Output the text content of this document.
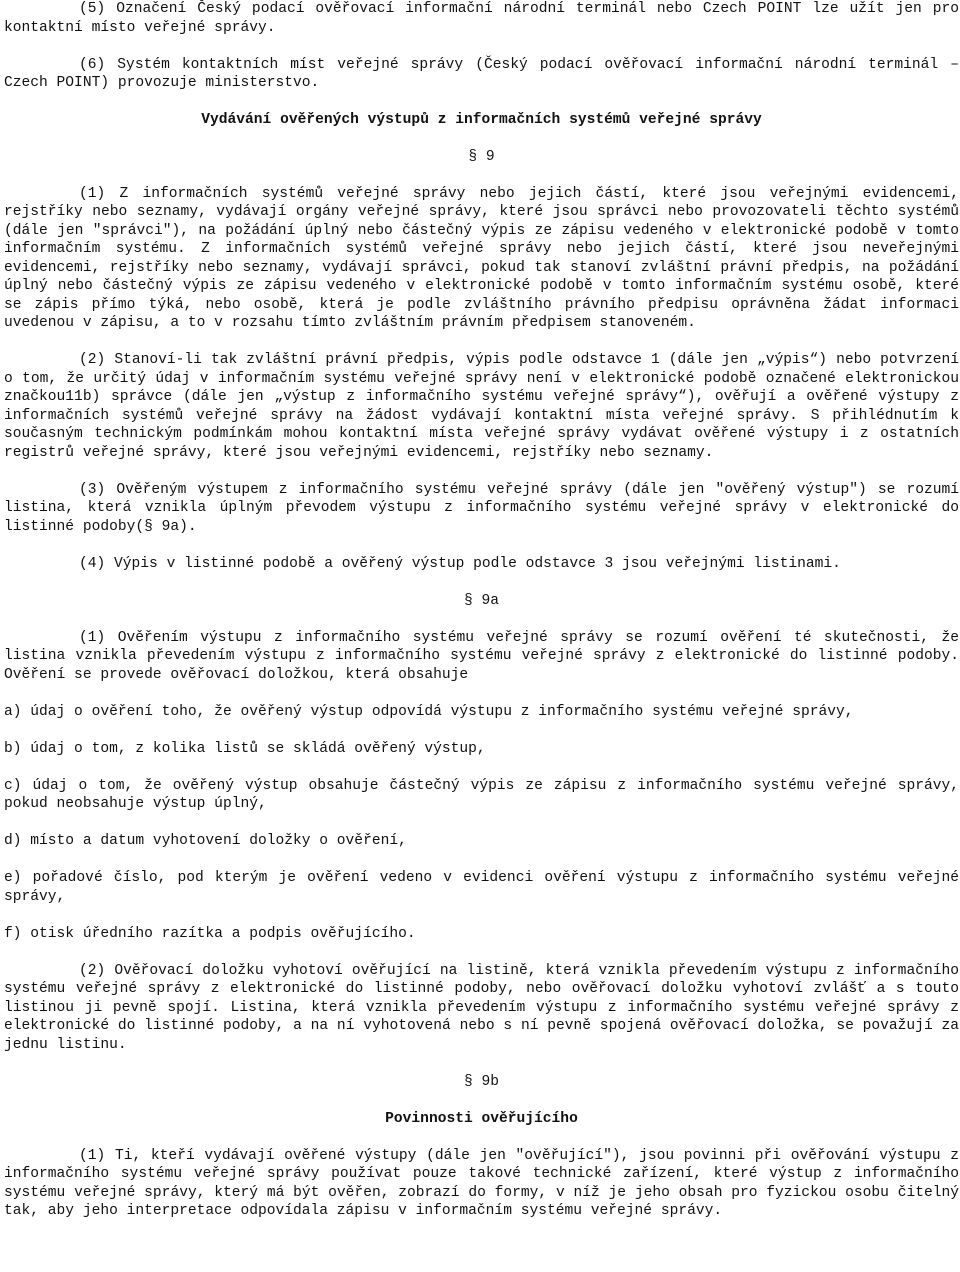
(5) Označení Český podací ověřovací informační národní terminál nebo Czech POINT lze užít jen pro kontaktní místo veřejné správy.

(6) Systém kontaktních míst veřejné správy (Český podací ověřovací informační národní terminál – Czech POINT) provozuje ministerstvo.

Vydávání ověřených výstupů z informačních systémů veřejné správy

§ 9

(1) Z informačních systémů veřejné správy nebo jejich částí, které jsou veřejnými evidencemi, rejstříky nebo seznamy, vydávají orgány veřejné správy, které jsou správci nebo provozovateli těchto systémů (dále jen "správci"), na požádání úplný nebo částečný výpis ze zápisu vedeného v elektronické podobě v tomto informačním systému. Z informačních systémů veřejné správy nebo jejich částí, které jsou neveřejnými evidencemi, rejstříky nebo seznamy, vydávají správci, pokud tak stanoví zvláštní právní předpis, na požádání úplný nebo částečný výpis ze zápisu vedeného v elektronické podobě v tomto informačním systému osobě, které se zápis přímo týká, nebo osobě, která je podle zvláštního právního předpisu oprávněna žádat informaci uvedenou v zápisu, a to v rozsahu tímto zvláštním právním předpisem stanoveném.

(2) Stanoví-li tak zvláštní právní předpis, výpis podle odstavce 1 (dále jen „výpis“) nebo potvrzení o tom, že určitý údaj v informačním systému veřejné správy není v elektronické podobě označené elektronickou značkou11b) správce (dále jen „výstup z informačního systému veřejné správy“), ověřují a ověřené výstupy z informačních systémů veřejné správy na žádost vydávají kontaktní místa veřejné správy. S přihlédnutím k současným technickým podmínkám mohou kontaktní místa veřejné správy vydávat ověřené výstupy i z ostatních registrů veřejné správy, které jsou veřejnými evidencemi, rejstříky nebo seznamy.

(3) Ověřeným výstupem z informačního systému veřejné správy (dále jen "ověřený výstup") se rozumí listina, která vznikla úplným převodem výstupu z informačního systému veřejné správy v elektronické do listinné podoby(§ 9a).

(4) Výpis v listinné podobě a ověřený výstup podle odstavce 3 jsou veřejnými listinami.

§ 9a

(1) Ověřením výstupu z informačního systému veřejné správy se rozumí ověření té skutečnosti, že listina vznikla převedením výstupu z informačního systému veřejné správy z elektronické do listinné podoby. Ověření se provede ověřovací doložkou, která obsahuje

a) údaj o ověření toho, že ověřený výstup odpovídá výstupu z informačního systému veřejné správy,

b) údaj o tom, z kolika listů se skládá ověřený výstup,

c) údaj o tom, že ověřený výstup obsahuje částečný výpis ze zápisu z informačního systému veřejné správy, pokud neobsahuje výstup úplný,

d) místo a datum vyhotovení doložky o ověření,

e) pořadové číslo, pod kterým je ověření vedeno v evidenci ověření výstupu z informačního systému veřejné správy,

f) otisk úředního razítka a podpis ověřujícího.

(2) Ověřovací doložku vyhotoví ověřující na listině, která vznikla převedením výstupu z informačního systému veřejné správy z elektronické do listinné podoby, nebo ověřovací doložku vyhotoví zvlášť a s touto listinou ji pevně spojí. Listina, která vznikla převedením výstupu z informačního systému veřejné správy z elektronické do listinné podoby, a na ní vyhotovená nebo s ní pevně spojená ověřovací doložka, se považují za jednu listinu.

§ 9b

Povinnosti ověřujícího

(1) Ti, kteří vydávají ověřené výstupy (dále jen "ověřující"), jsou povinni při ověřování výstupu z informačního systému veřejné správy používat pouze takové technické zařízení, které výstup z informačního systému veřejné správy, který má být ověřen, zobrazí do formy, v níž je jeho obsah pro fyzickou osobu čitelný tak, aby jeho interpretace odpovídala zápisu v informačním systému veřejné správy.
